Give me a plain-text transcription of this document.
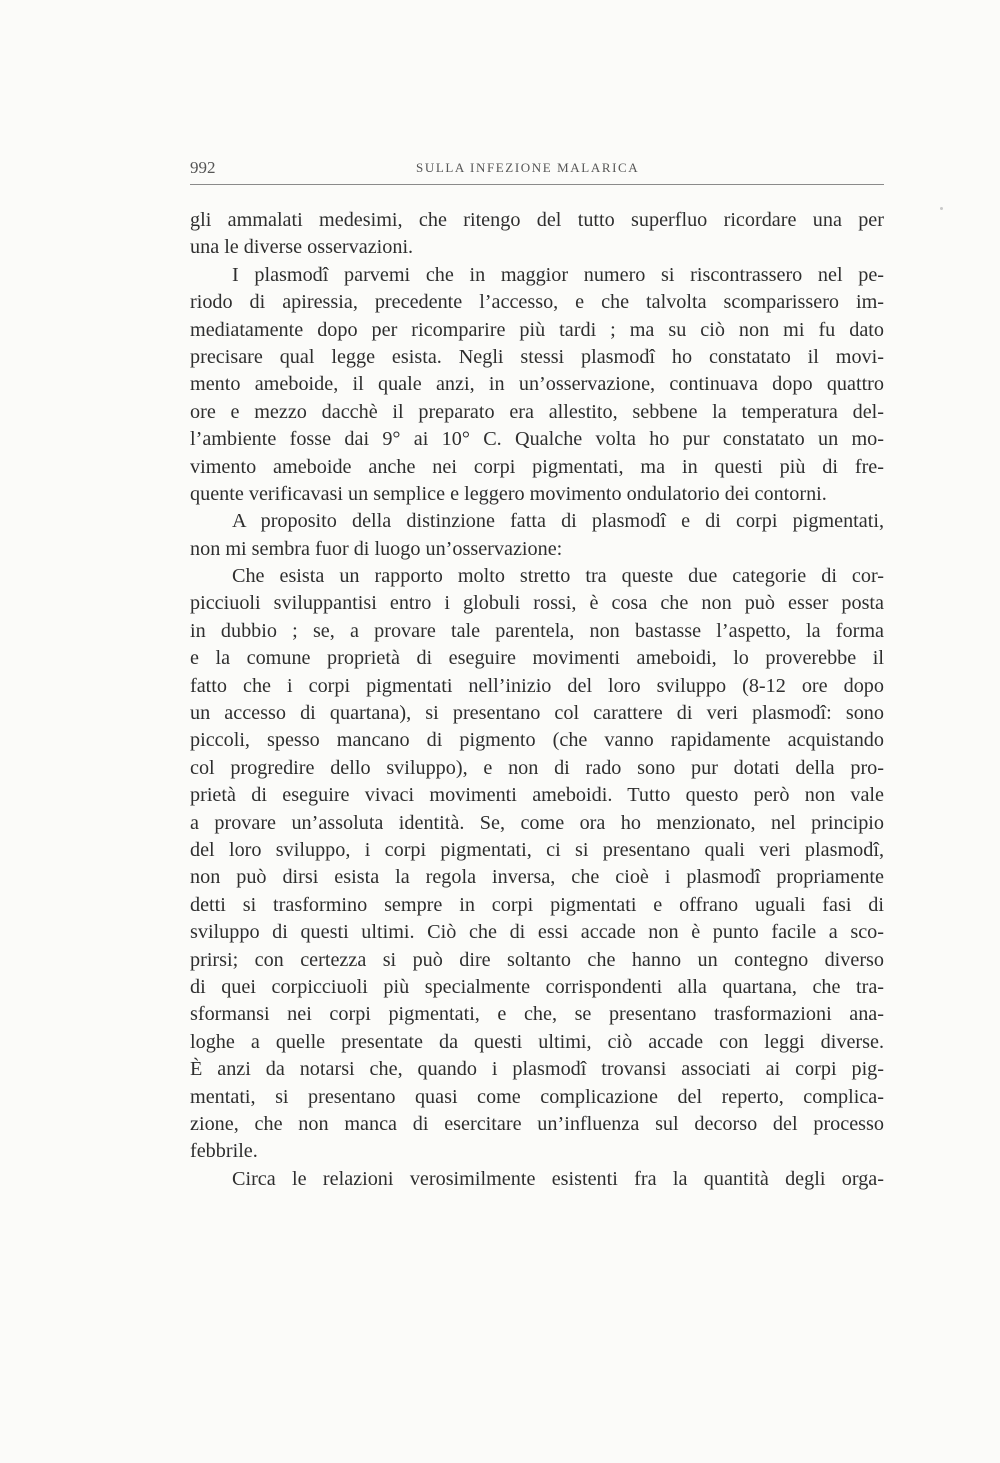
992	SULLA INFEZIONE MALARICA
gli ammalati medesimi, che ritengo del tutto superfluo ricordare una per
una le diverse osservazioni.
I plasmodî parvemi che in maggior numero si riscontrassero nel pe-
riodo di apiressia, precedente l’accesso, e che talvolta scomparissero im-
mediatamente dopo per ricomparire più tardi ; ma su ciò non mi fu dato
precisare qual legge esista. Negli stessi plasmodî ho constatato il movi-
mento ameboide, il quale anzi, in un’osservazione, continuava dopo quattro
ore e mezzo dacchè il preparato era allestito, sebbene la temperatura del-
l’ambiente fosse dai 9° ai 10° C. Qualche volta ho pur constatato un mo-
vimento ameboide anche nei corpi pigmentati, ma in questi più di fre-
quente verificavasi un semplice e leggero movimento ondulatorio dei contorni.
A proposito della distinzione fatta di plasmodî e di corpi pigmentati,
non mi sembra fuor di luogo un’osservazione:
Che esista un rapporto molto stretto tra queste due categorie di cor-
picciuoli sviluppantisi entro i globuli rossi, è cosa che non può esser posta
in dubbio ; se, a provare tale parentela, non bastasse l’aspetto, la forma
e la comune proprietà di eseguire movimenti ameboidi, lo proverebbe il
fatto che i corpi pigmentati nell’inizio del loro sviluppo (8-12 ore dopo
un accesso di quartana), si presentano col carattere di veri plasmodî: sono
piccoli, spesso mancano di pigmento (che vanno rapidamente acquistando
col progredire dello sviluppo), e non di rado sono pur dotati della pro-
prietà di eseguire vivaci movimenti ameboidi. Tutto questo però non vale
a provare un’assoluta identità. Se, come ora ho menzionato, nel principio
del loro sviluppo, i corpi pigmentati, ci si presentano quali veri plasmodî,
non può dirsi esista la regola inversa, che cioè i plasmodî propriamente
detti si trasformino sempre in corpi pigmentati e offrano uguali fasi di
sviluppo di questi ultimi. Ciò che di essi accade non è punto facile a sco-
prirsi; con certezza si può dire soltanto che hanno un contegno diverso
di quei corpicciuoli più specialmente corrispondenti alla quartana, che tra-
sformansi nei corpi pigmentati, e che, se presentano trasformazioni ana-
loghe a quelle presentate da questi ultimi, ciò accade con leggi diverse.
È anzi da notarsi che, quando i plasmodî trovansi associati ai corpi pig-
mentati, si presentano quasi come complicazione del reperto, complica-
zione, che non manca di esercitare un’influenza sul decorso del processo
febbrile.
Circa le relazioni verosimilmente esistenti fra la quantità degli orga-
